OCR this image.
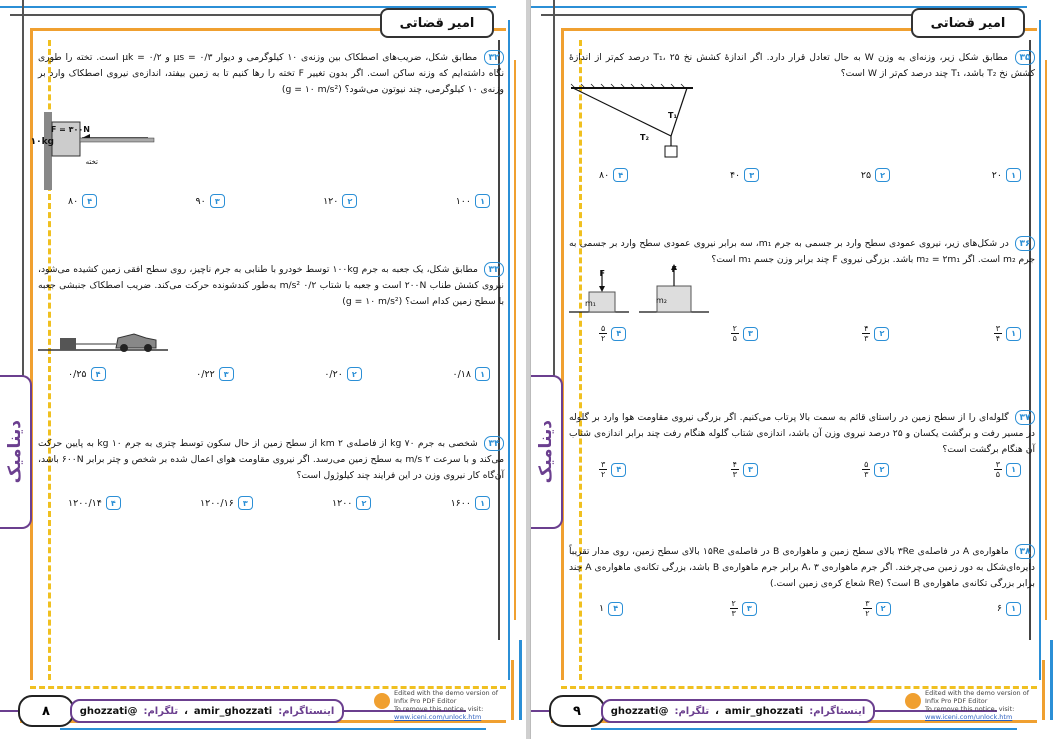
امیر قضاتی
دینامیک
۳۲ مطابق شکل، ضریب‌های اصطکاک بین وزنه‌ی ۱۰ کیلوگرمی و دیوار μs = ۰/۳ و μk = ۰/۲ است. تخته را طوری نگاه داشته‌ایم که وزنه ساکن است. اگر بدون تغییر F تخته را رها کنیم تا به زمین بیفتد، اندازه‌ی نیروی اصطکاک وارد بر وزنه‌ی ۱۰ کیلوگرمی، چند نیوتون می‌شود؟ (g = ۱۰ m/s²)
۱۰kg
F = ۳۰۰N
تخته
۱
۱۰۰
۲
۱۲۰
۳
۹۰
۴
۸۰
۳۳ مطابق شکل، یک جعبه به جرم ۱۰۰kg توسط خودرو با طنابی به جرم ناچیز، روی سطح افقی زمین کشیده می‌شود، نیروی کشش طناب ۲۰۰N است و جعبه با شتاب ۰/۲ m/s² به‌طور کندشونده حرکت می‌کند. ضریب اصطکاک جنبشی جعبه با سطح زمین کدام است؟ (g = ۱۰ m/s²)
۱
۰/۱۸
۲
۰/۲۰
۳
۰/۲۲
۴
۰/۲۵
۳۴ شخصی به جرم ۷۰ kg از فاصله‌ی ۲ km از سطح زمین از حال سکون توسط چتری به جرم ۱۰ kg به پایین حرکت می‌کند و با سرعت ۲ m/s به سطح زمین می‌رسد. اگر نیروی مقاومت هوای اعمال شده بر شخص و چتر برابر ۶۰۰N باشد، آن‌گاه کار نیروی وزن در این فرایند چند کیلوژول است؟
۱
۱۶۰۰
۲
۱۲۰۰
۳
۱۲۰۰/۱۶
۴
۱۲۰۰/۱۴
۸	اینستاگرام:
amir_ghozzati
،
تلگرام:
@ghozzati
Edited with the demo version of
Infix Pro PDF Editor
To remove this notice, visit:
www.iceni.com/unlock.htm
امیر قضاتی
دینامیک
۳۵ مطابق شکل زیر، وزنه‌ای به وزن W به حال تعادل قرار دارد. اگر اندازهٔ کشش نخ T₁، ۲۵ درصد کم‌تر از اندازهٔ کشش نخ T₂ باشد، T₁ چند درصد کم‌تر از W است؟
T₁
T₂
۱
۲۰
۲
۲۵
۳
۴۰
۴
۸۰
۳۶ در شکل‌های زیر، نیروی عمودی سطح وارد بر جسمی به جرم m₁، سه برابر نیروی عمودی سطح وارد بر جسمی به جرم m₂ است. اگر m₂ = ۲m₁ باشد. بزرگی نیروی F چند برابر وزن جسم m₁ است؟
m₁
F
m₂
F
۱
$\frac{۳}{۴}$
۲
$\frac{۴}{۳}$
۳
$\frac{۲}{۵}$
۴
$\frac{۵}{۲}$
۳۷ گلوله‌ای را از سطح زمین در راستای قائم به سمت بالا پرتاب می‌کنیم. اگر بزرگی نیروی مقاومت هوا وارد بر گلوله در مسیر رفت و برگشت یکسان و ۲۵ درصد نیروی وزن آن باشد، اندازه‌ی شتاب گلوله هنگام رفت چند برابر اندازه‌ی شتاب آن هنگام برگشت است؟
۱
$\frac{۳}{۵}$
۲
$\frac{۵}{۳}$
۳
$\frac{۴}{۳}$
۴
$\frac{۳}{۲}$
۳۸ ماهواره‌ی A در فاصله‌ی ۳Re بالای سطح زمین و ماهواره‌ی B در فاصله‌ی ۱۵Re بالای سطح زمین، روی مدار تقریباً دایره‌ای‌شکل به دور زمین می‌چرخند. اگر جرم ماهواره‌ی A، ۳ برابر جرم ماهواره‌ی B باشد، بزرگی تکانه‌ی ماهواره‌ی A چند برابر بزرگی تکانه‌ی ماهواره‌ی B است؟ (Re شعاع کره‌ی زمین است.)
۱
۶
۲
$\frac{۳}{۲}$
۳
$\frac{۲}{۳}$
۴
۱
۹	اینستاگرام:
amir_ghozzati
،
تلگرام:
@ghozzati
Edited with the demo version of
Infix Pro PDF Editor
To remove this notice, visit:
www.iceni.com/unlock.htm
